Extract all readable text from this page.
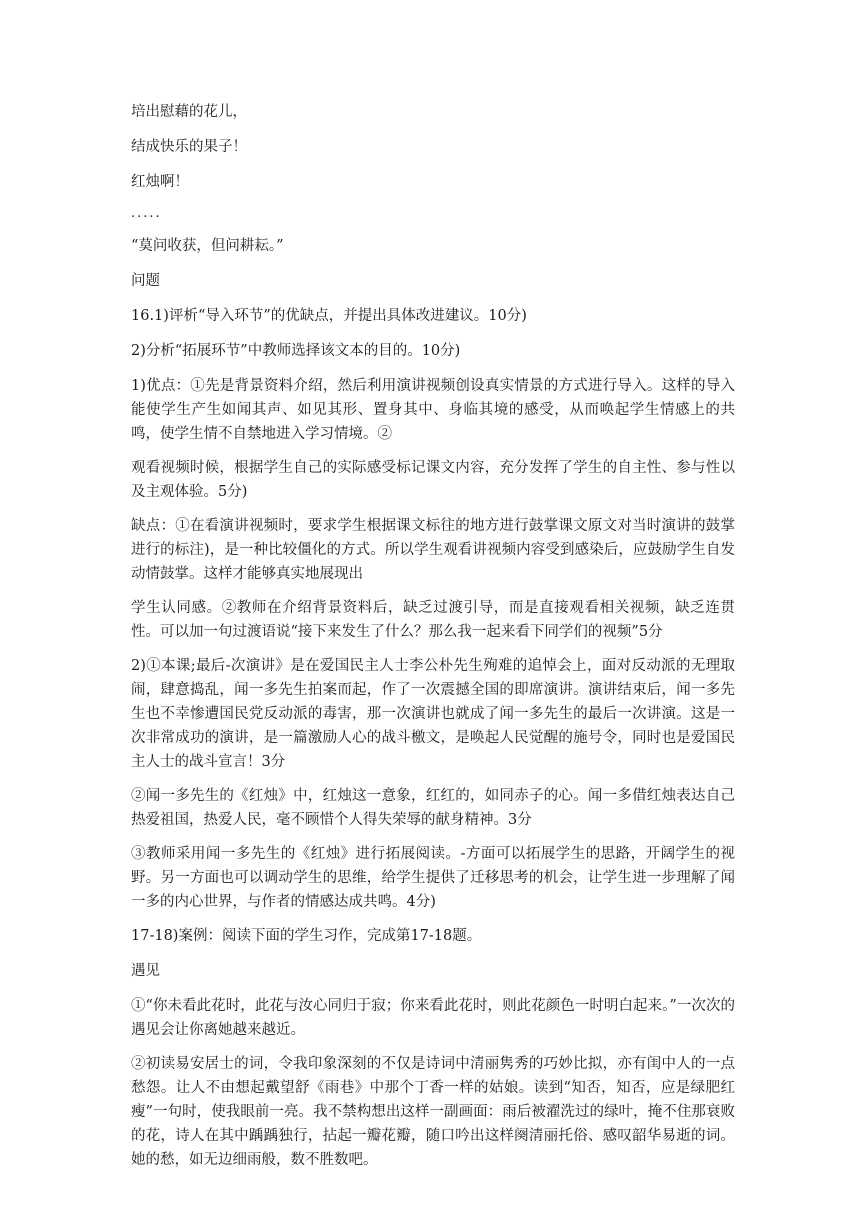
培出慰藉的花儿，

结成快乐的果子！

红烛啊！

.....

“莫问收获，但问耕耘。”

问题

16.1)评析“导入环节”的优缺点，并提出具体改进建议。10分)

2)分析“拓展环节”中教师选择该文本的目的。10分)

1)优点：①先是背景资料介绍，然后利用演讲视频创设真实情景的方式进行导入。这样的导入能使学生产生如闻其声、如见其形、置身其中、身临其境的感受，从而唤起学生情感上的共鸣，使学生情不自禁地进入学习情境。②

观看视频时候，根据学生自己的实际感受标记课文内容，充分发挥了学生的自主性、参与性以及主观体验。5分)

缺点：①在看演讲视频时，要求学生根据课文标往的地方进行鼓掌课文原文对当时演讲的鼓掌进行的标注)，是一种比较僵化的方式。所以学生观看讲视频内容受到感染后，应鼓励学生自发动情鼓掌。这样才能够真实地展现出

学生认同感。②教师在介绍背景资料后，缺乏过渡引导，而是直接观看相关视频，缺乏连贯性。可以加一句过渡语说“接下来发生了什么？那么我一起来看下同学们的视频”5分

2)①本课;最后-次演讲》是在爱国民主人士李公朴先生殉难的追悼会上，面对反动派的无理取闹，肆意捣乱，闻一多先生拍案而起，作了一次震撼全国的即席演讲。演讲结束后，闻一多先生也不幸惨遭国民党反动派的毒害，那一次演讲也就成了闻一多先生的最后一次讲演。这是一次非常成功的演讲，是一篇激励人心的战斗檄文，是唤起人民觉醒的施号令，同时也是爱国民主人士的战斗宣言！3分

②闻一多先生的《红烛》中，红烛这一意象，红红的，如同赤子的心。闻一多借红烛表达自己热爱祖国，热爱人民，毫不顾惜个人得失荣辱的献身精神。3分

③教师采用闻一多先生的《红烛》进行拓展阅读。-方面可以拓展学生的思路，开阔学生的视野。另一方面也可以调动学生的思维，给学生提供了迁移思考的机会，让学生进一步理解了闻一多的内心世界，与作者的情感达成共鸣。4分)

17-18)案例：阅读下面的学生习作，完成第17-18题。

遇见

①“你未看此花时，此花与汝心同归于寂；你来看此花时，则此花颜色一时明白起来。”一次次的遇见会让你离她越来越近。

②初读易安居士的词，令我印象深刻的不仅是诗词中清丽隽秀的巧妙比拟，亦有闺中人的一点愁怨。让人不由想起戴望舒《雨巷》中那个丁香一样的姑娘。读到“知否，知否，应是绿肥红瘦”一句时，使我眼前一亮。我不禁构想出这样一副画面：雨后被濯洗过的绿叶，掩不住那衰败的花，诗人在其中踽踽独行，拈起一瓣花瓣，随口吟出这样阕清丽托俗、感叹韶华易逝的词。她的愁，如无边细雨般，数不胜数吧。
